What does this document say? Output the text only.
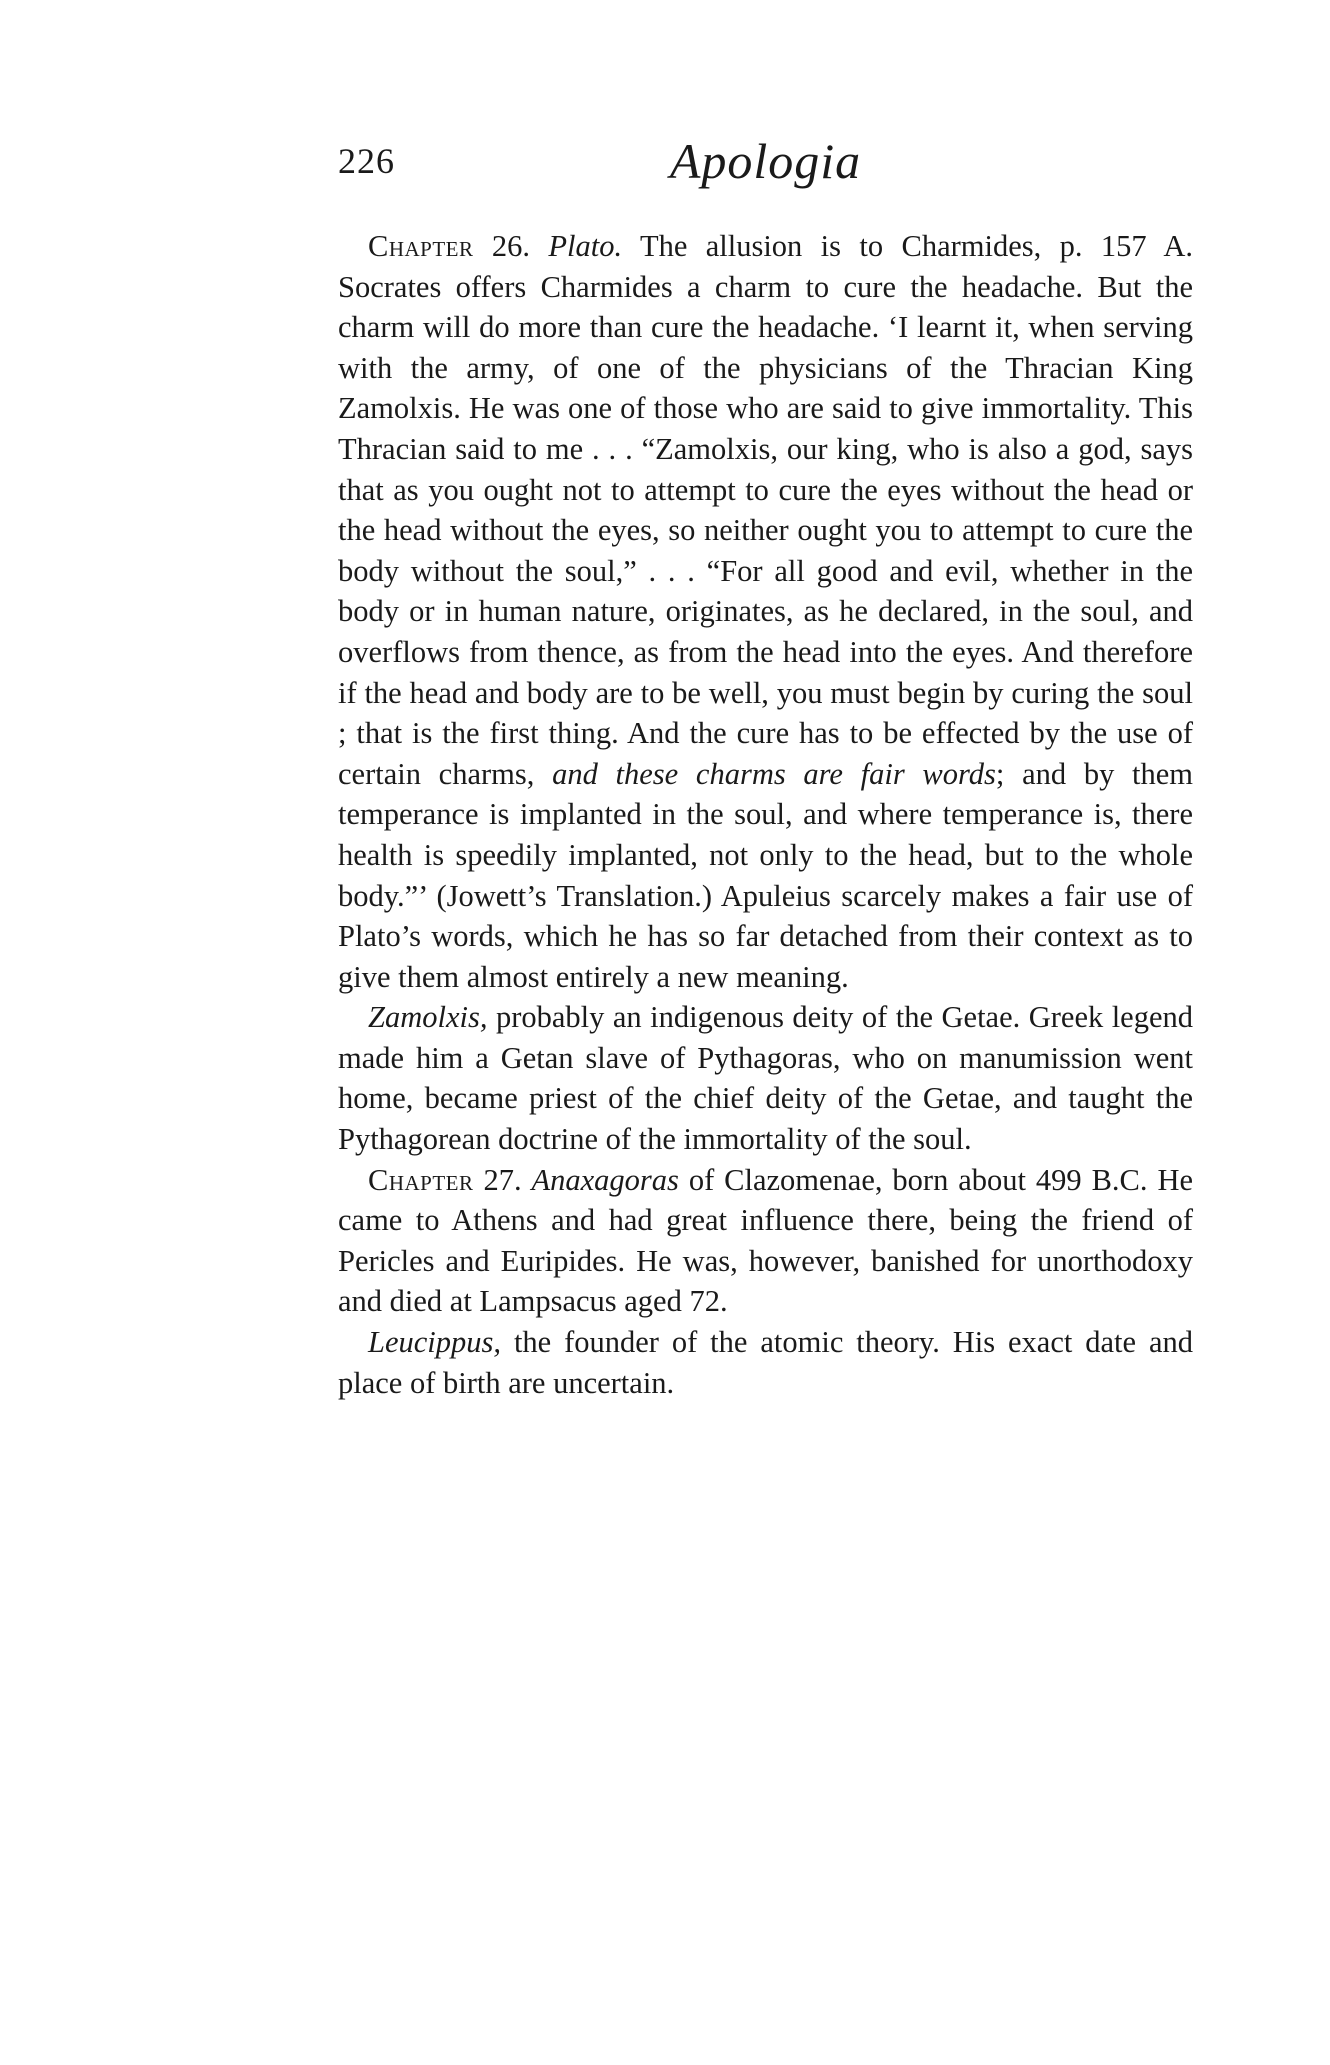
226	Apologia

Chapter 26. Plato. The allusion is to Charmides, p. 157 A. Socrates offers Charmides a charm to cure the headache. But the charm will do more than cure the headache. ‘I learnt it, when serving with the army, of one of the physicians of the Thracian King Zamolxis. He was one of those who are said to give immortality. This Thracian said to me . . . “Zamolxis, our king, who is also a god, says that as you ought not to attempt to cure the eyes without the head or the head without the eyes, so neither ought you to attempt to cure the body without the soul,” . . . “For all good and evil, whether in the body or in human nature, originates, as he declared, in the soul, and overflows from thence, as from the head into the eyes. And therefore if the head and body are to be well, you must begin by curing the soul ; that is the first thing. And the cure has to be effected by the use of certain charms, and these charms are fair words; and by them temperance is implanted in the soul, and where temperance is, there health is speedily implanted, not only to the head, but to the whole body.”’ (Jowett’s Translation.) Apuleius scarcely makes a fair use of Plato’s words, which he has so far detached from their context as to give them almost entirely a new meaning.

Zamolxis, probably an indigenous deity of the Getae. Greek legend made him a Getan slave of Pythagoras, who on manumission went home, became priest of the chief deity of the Getae, and taught the Pythagorean doctrine of the immortality of the soul.

Chapter 27. Anaxagoras of Clazomenae, born about 499 B.C. He came to Athens and had great influence there, being the friend of Pericles and Euripides. He was, however, banished for unorthodoxy and died at Lampsacus aged 72.

Leucippus, the founder of the atomic theory. His exact date and place of birth are uncertain.
